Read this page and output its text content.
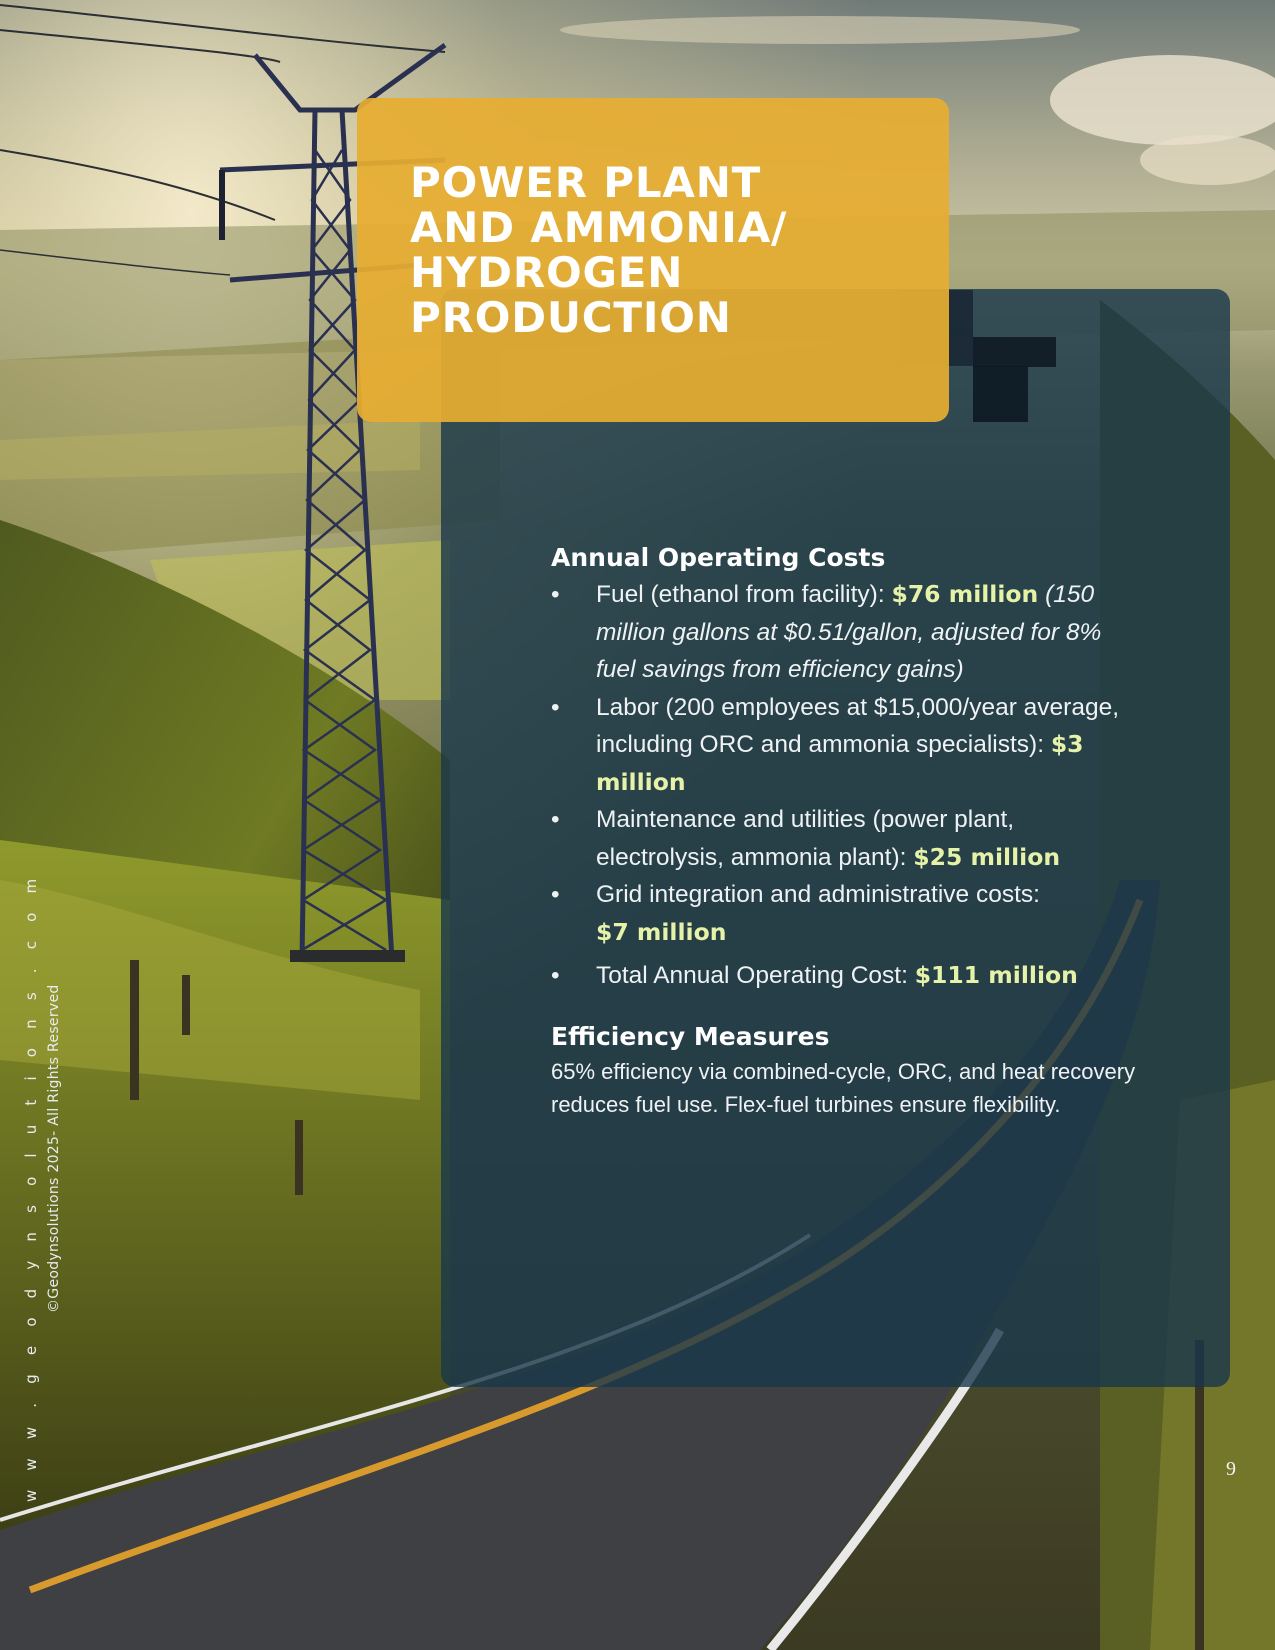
w w w . g e o d y n s o l u t i o n s . c o m ©Geodynsolutions 2025- All Rights Reserved
POWER PLANT
AND AMMONIA/
HYDROGEN
PRODUCTION
Annual Operating Costs
• Fuel (ethanol from facility): $76 million (150 million gallons at $0.51/gallon, adjusted for 8% fuel savings from efficiency gains)
• Labor (200 employees at $15,000/year average, including ORC and ammonia specialists): $3 million
• Maintenance and utilities (power plant, electrolysis, ammonia plant): $25 million
• Grid integration and administrative costs:
$7 million
• Total Annual Operating Cost: $111 million
Efficiency Measures

65% efficiency via combined-cycle, ORC, and heat recovery reduces fuel use. Flex-fuel turbines ensure flexibility.

9
